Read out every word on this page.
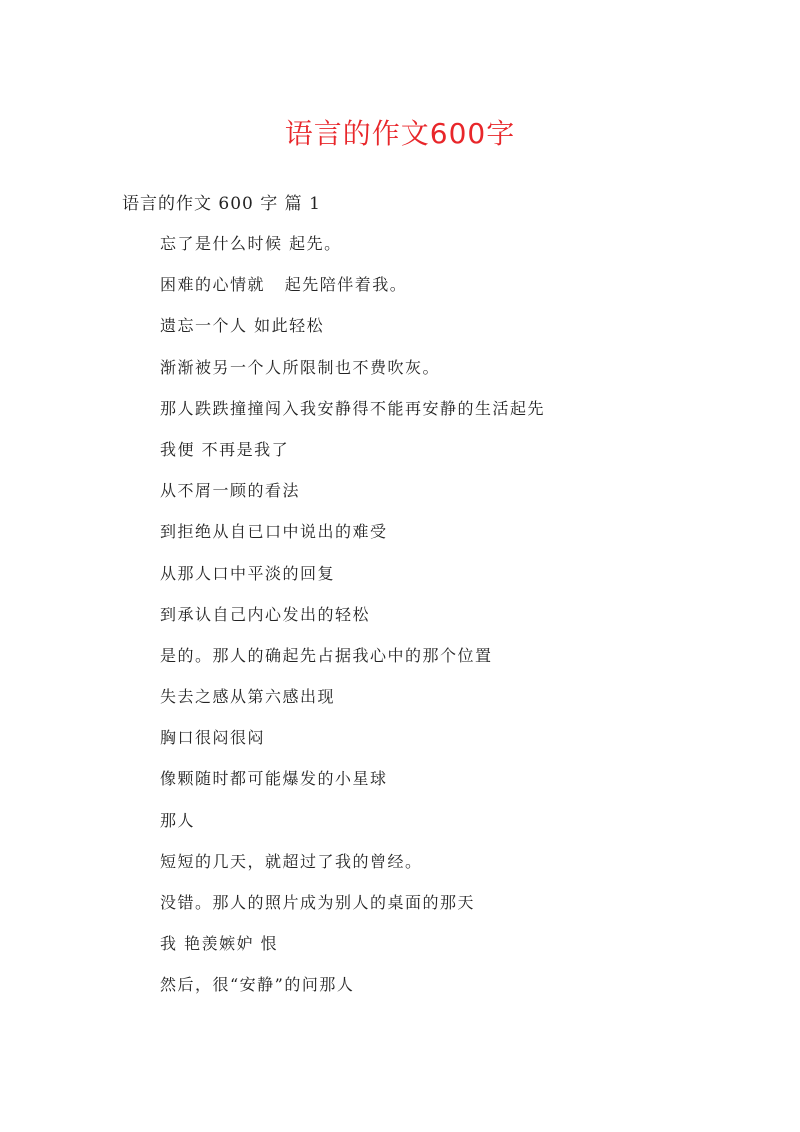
语言的作文600字
语言的作文 600 字 篇 1
忘了是什么时候 起先。
困难的心情就   起先陪伴着我。
遗忘一个人 如此轻松
渐渐被另一个人所限制也不费吹灰。
那人跌跌撞撞闯入我安静得不能再安静的生活起先
我便 不再是我了
从不屑一顾的看法
到拒绝从自已口中说出的难受
从那人口中平淡的回复
到承认自己内心发出的轻松
是的。那人的确起先占据我心中的那个位置
失去之感从第六感出现
胸口很闷很闷
像颗随时都可能爆发的小星球
那人
短短的几天，就超过了我的曾经。
没错。那人的照片成为别人的桌面的那天
我 艳羡嫉妒 恨
然后，很“安静”的问那人
